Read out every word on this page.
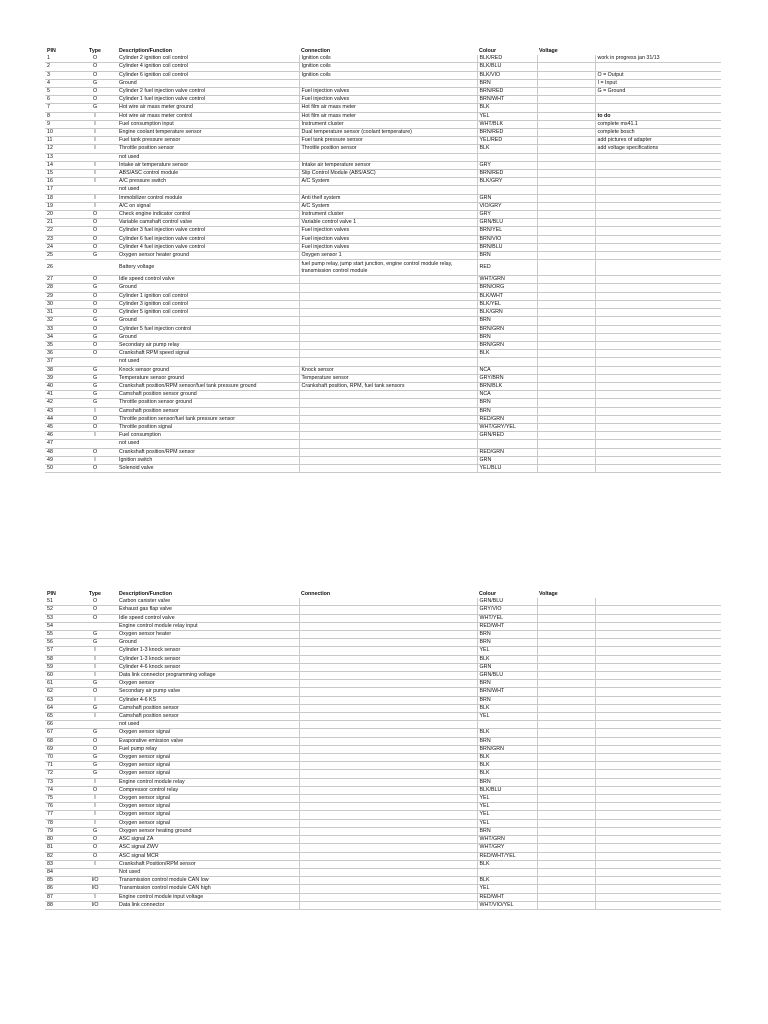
PIN	Type	Description/Function	Connection	Colour	Voltage	
1	O	Cylinder 2 ignition coil control	Ignition coils	BLK/RED		work in progress jan 31/13
2	O	Cylinder 4 ignition coil control	Ignition coils	BLK/BLU		
3	O	Cylinder 6 ignition coil control	Ignition coils	BLK/VIO		O = Output
4	G	Ground		BRN		I = Input
5	O	Cylinder 2 fuel injection valve control	Fuel injection valves	BRN/RED		G = Ground
6	O	Cylinder 1 fuel injection valve control	Fuel injection valves	BRN/WHT		
7	G	Hot wire air mass meter ground	Hot film air mass meter	BLK		
8	I	Hot wire air mass meter control	Hot film air mass meter	YEL		to do
9	I	Fuel consumption input	Instrument cluster	WHT/BLK		complete ms41.1
10	I	Engine coolant temperature sensor	Dual temperature sensor (coolant temperature)	BRN/RED		complete bosch
11	I	Fuel tank pressure sensor	Fuel tank pressure sensor	YEL/RED		add pictures of adapter
12	I	Throttle position sensor	Throttle position sensor	BLK		add voltage specifications
13		not used				
14	I	Intake air temperature sensor	Intake air temperature sensor	GRY		
15	I	ABS/ASC control module	Slip Control Module (ABS/ASC)	BRN/RED		
16	I	A/C pressure switch	A/C System	BLK/GRY		
17		not used				
18	I	Immobilizer control module	Anti theif system	GRN		
19	I	A/C on signal	A/C System	VIO/GRY		
20	O	Check engine indicator control	Instrument cluster	GRY		
21	O	Variable camshaft control valve	Variable control valve 1	GRN/BLU		
22	O	Cylinder 3 fuel injection valve control	Fuel injection valves	BRN/YEL		
23	O	Cylinder 6 fuel injection valve control	Fuel injection valves	BRN/VIO		
24	O	Cylinder 4 fuel injection valve control	Fuel injection valves	BRN/BLU		
25	G	Oxygen sensor heater ground	Oxygen sensor 1	BRN		
26		Battery voltage	fuel pump relay, jump start junction, engine control module relay, transmission control module	RED		
27	O	Idle speed control valve		WHT/GRN		
28	G	Ground		BRN/ORG		
29	O	Cylinder 1 ignition coil control		BLK/WHT		
30	O	Cylinder 3 ignition coil control		BLK/YEL		
31	O	Cylinder 5 ignition coil control		BLK/GRN		
32	G	Ground		BRN		
33	O	Cylinder 5 fuel injection control		BRN/GRN		
34	G	Ground		BRN		
35	O	Secondary air pump relay		BRN/GRN		
36	O	Crankshaft RPM speed signal		BLK		
37		not used				
38	G	Knock sensor ground	Knock sensor	NCA		
39	G	Temperature sensor ground	Temperature sensor	GRY/BRN		
40	G	Crankshaft position/RPM sensor/fuel tank pressure ground	Crankshaft position, RPM, fuel tank sensors	BRN/BLK		
41	G	Camshaft position sensor ground		NCA		
42	G	Throttle position sensor ground		BRN		
43	I	Camshaft position sensor		BRN		
44	O	Throttle position sensor/fuel tank pressure sensor		RED/GRN		
45	O	Throttle position signal		WHT/GRY/YEL		
46	I	Fuel consumption		GRN/RED		
47		not used				
48	O	Crankshaft position/RPM sensor		RED/GRN		
49	I	Ignition switch		GRN		
50	O	Solenoid valve		YEL/BLU		
PIN	Type	Description/Function	Connection	Colour	Voltage	
51	O	Carbon canister valve		GRN/BLU		
52	O	Exhaust gas flap valve		GRY/VIO		
53	O	Idle speed control valve		WHT/YEL		
54		Engine control module relay input		RED/WHT		
55	G	Oxygen sensor heater		BRN		
56	G	Ground		BRN		
57	I	Cylinder 1-3 knock sensor		YEL		
58	I	Cylinder 1-3 knock sensor		BLK		
59	I	Cylinder 4-6 knock sensor		GRN		
60	I	Data link connector programming voltage		GRN/BLU		
61	G	Oxygen sensor		BRN		
62	O	Secondary air pump valve		BRN/WHT		
63	I	Cylinder 4-6 KS		BRN		
64	G	Camshaft position sensor		BLK		
65	I	Camshaft position sensor		YEL		
66		not used				
67	G	Oxygen sensor signal		BLK		
68	O	Evaporative emission valve		BRN		
69	O	Fuel pump relay		BRN/GRN		
70	G	Oxygen sensor signal		BLK		
71	G	Oxygen sensor signal		BLK		
72	G	Oxygen sensor signal		BLK		
73	I	Engine control module relay		BRN		
74	O	Compressor control relay		BLK/BLU		
75	I	Oxygen sensor signal		YEL		
76	I	Oxygen sensor signal		YEL		
77	I	Oxygen sensor signal		YEL		
78	I	Oxygen sensor signal		YEL		
79	G	Oxygen sensor heating ground		BRN		
80	O	ASC signal ZA		WHT/GRN		
81	O	ASC signal ZWV		WHT/GRY		
82	O	ASC signal MCR		RED/WHT/YEL		
83	I	Crankshaft Position/RPM sensor		BLK		
84		Not used				
85	I/O	Transmission control module CAN low		BLK		
86	I/O	Transmission control module CAN high		YEL		
87	I	Engine control module input voltage		RED/WHT		
88	I/O	Data link connector		WHT/VIO/YEL		
